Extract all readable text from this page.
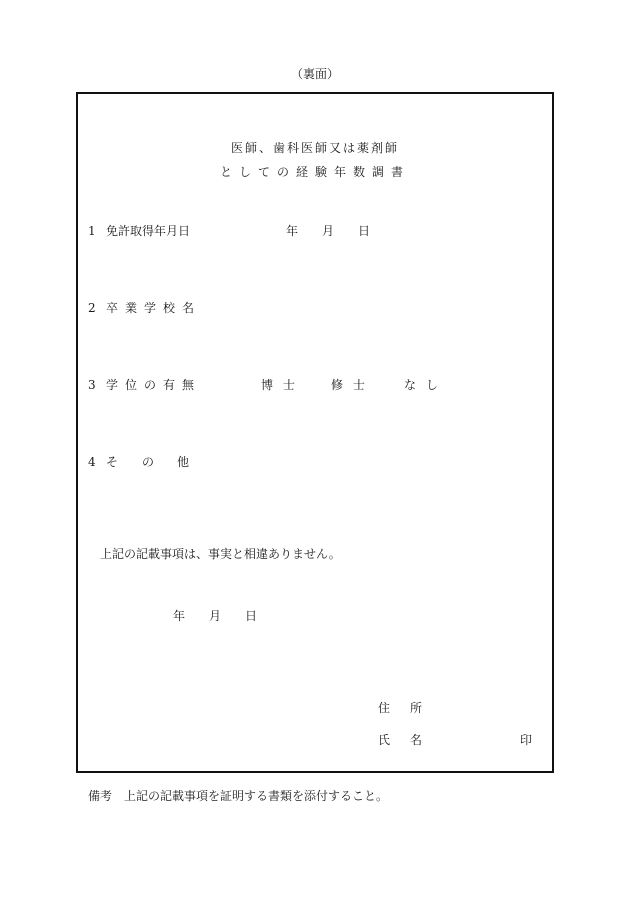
（裏面）
医師、歯科医師又は薬剤師
としての経験年数調書
1 免許取得年月日	年 月 日
2 卒業学校名
3 学位の有無	博 士	修 士	な し
4 そ の 他
上記の記載事項は、事実と相違ありません。
年 月 日
住　所
氏　名	印
備考　上記の記載事項を証明する書類を添付すること。
